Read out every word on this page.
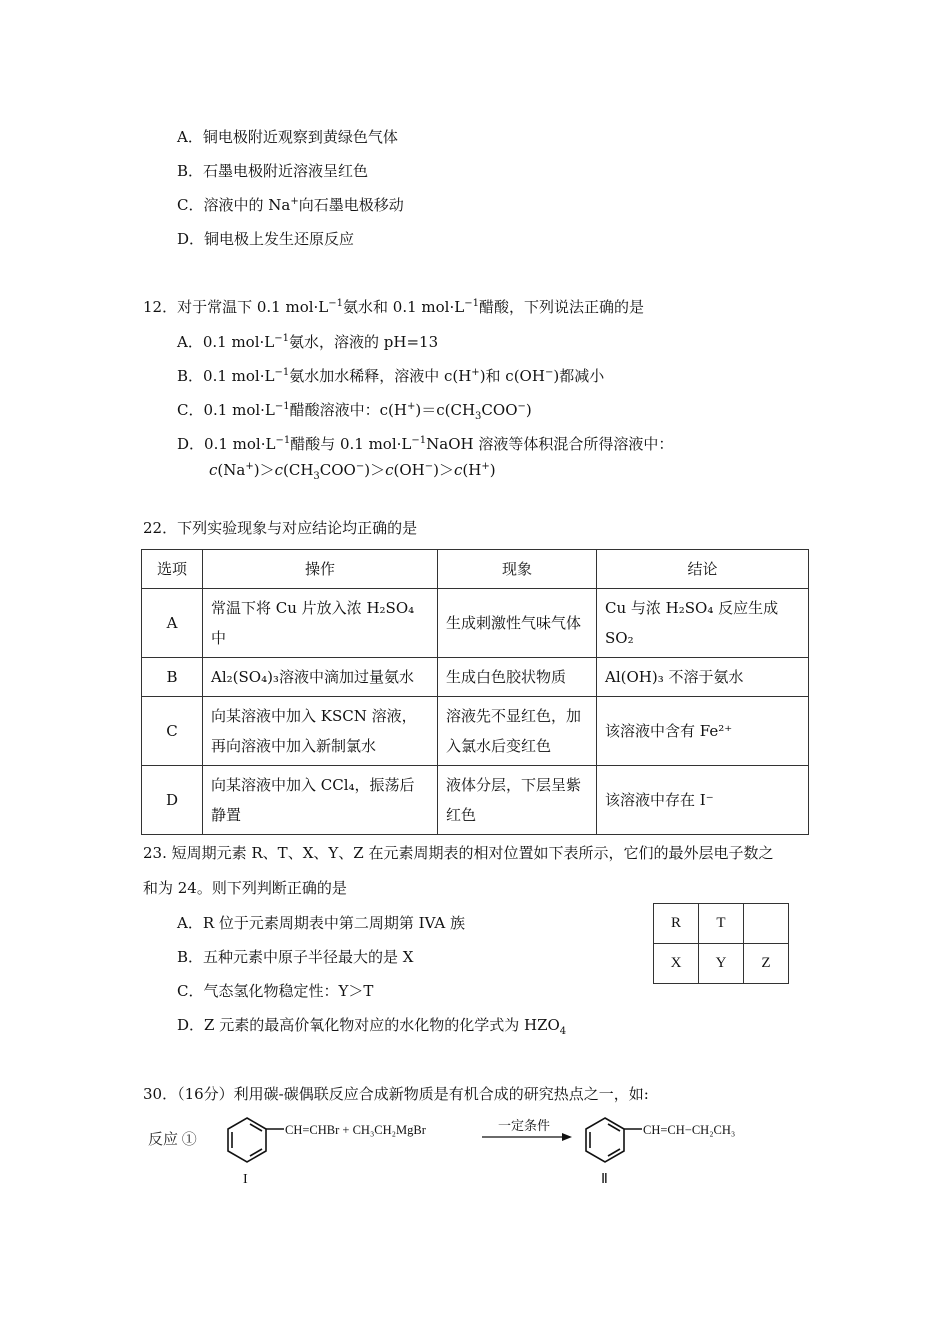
A．铜电极附近观察到黄绿色气体
B．石墨电极附近溶液呈红色
C．溶液中的 Na+向石墨电极移动
D．铜电极上发生还原反应
12．对于常温下 0.1 $mol\cdot L^{-1}$氨水和 0.1 $mol\cdot L^{-1}$醋酸，下列说法正确的是
A．0.1 $mol\cdot L^{-1}$氨水，溶液的 pH=13
B．0.1 $mol\cdot L^{-1}$氨水加水稀释，溶液中 c(H+)和 c(OH−)都减小
C．0.1 $mol\cdot L^{-1}$醋酸溶液中：$c(H^+)=c(CH_3COO^-)$
D．0.1 $mol\cdot L^{-1}$醋酸与 0.1 $mol\cdot L^{-1}NaOH$ 溶液等体积混合所得溶液中：
$c(Na^+)>c(CH_3COO^-)>c(OH^-)>c(H^+)$
22．下列实验现象与对应结论均正确的是
选项	操作	现象	结论
A	常温下将 Cu 片放入浓 H₂SO₄ 中	生成刺激性气味气体	Cu 与浓 H₂SO₄ 反应生成 SO₂
B	Al₂(SO₄)₃溶液中滴加过量氨水	生成白色胶状物质	Al(OH)₃ 不溶于氨水
C	向某溶液中加入 KSCN 溶液，再向溶液中加入新制氯水	溶液先不显红色，加入氯水后变红色	该溶液中含有 Fe²⁺
D	向某溶液中加入 CCl₄，振荡后静置	液体分层，下层呈紫红色	该溶液中存在 I⁻
23. 短周期元素 R、T、X、Y、Z 在元素周期表的相对位置如下表所示，它们的最外层电子数之
和为 24。则下列判断正确的是
A．R 位于元素周期表中第二周期第 IVA 族
B．五种元素中原子半径最大的是 X
C．气态氢化物稳定性：Y＞T
D．Z 元素的最高价氧化物对应的水化物的化学式为 $HZO_4$
R	T	
X	Y	Z
30．（16分）利用碳-碳偶联反应合成新物质是有机合成的研究热点之一，如:
反应 ①
CH=CHBr + CH₃CH₂MgBr
I
一定条件	CH=CH−CH₂CH₃
Ⅱ
